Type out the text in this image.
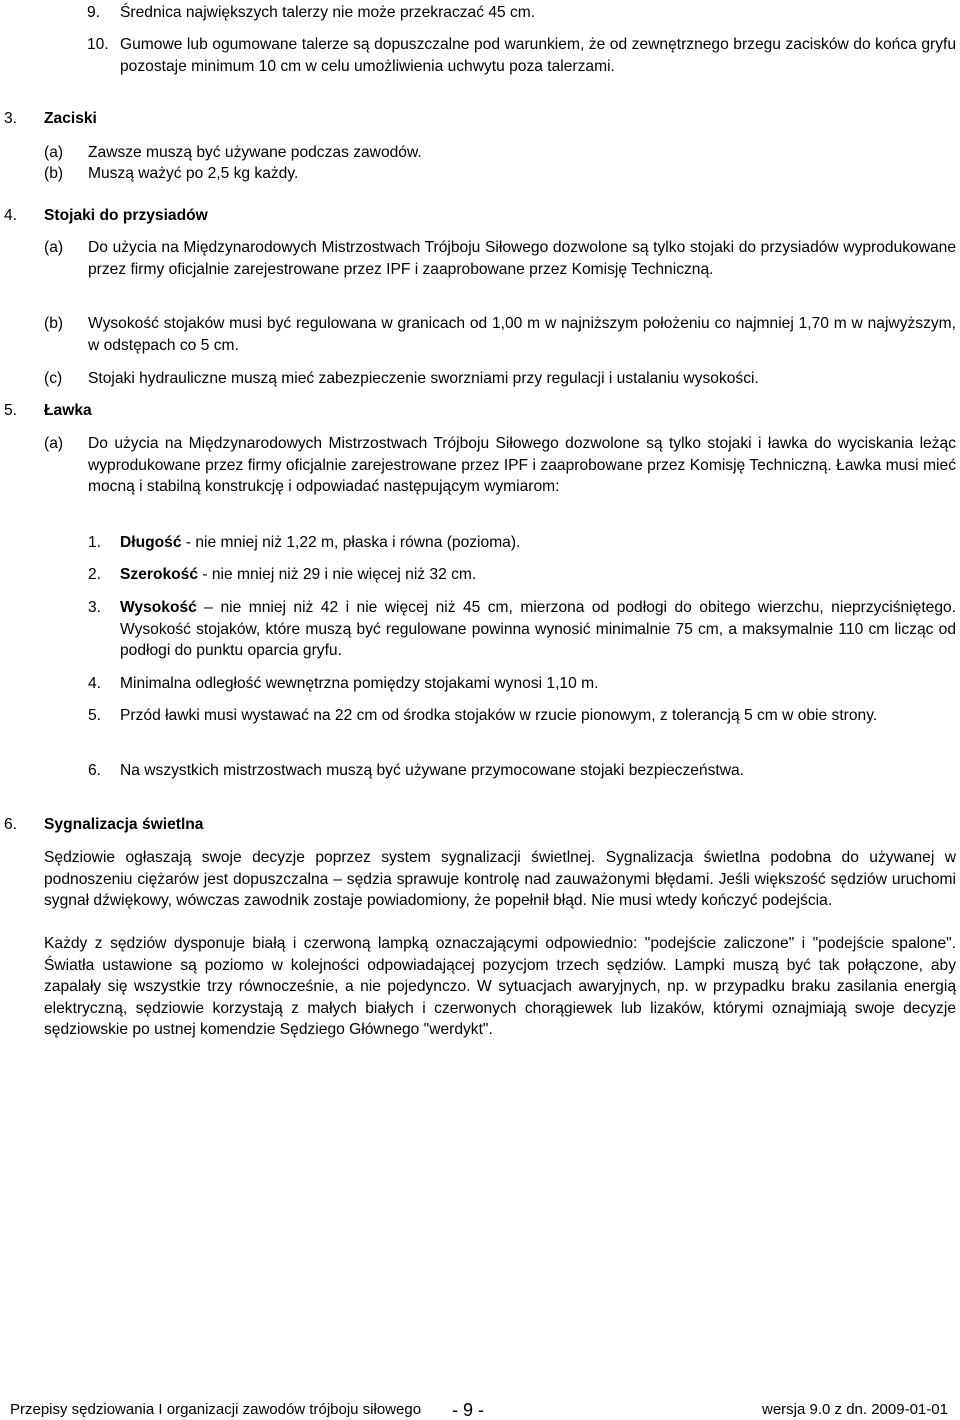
9. Średnica największych talerzy nie może przekraczać 45 cm.
10. Gumowe lub ogumowane talerze są dopuszczalne pod warunkiem, że od zewnętrznego brzegu zacisków do końca gryfu pozostaje minimum 10 cm w celu umożliwienia uchwytu poza talerzami.
3. Zaciski
(a) Zawsze muszą być używane podczas zawodów.
(b) Muszą ważyć po 2,5 kg każdy.
4. Stojaki do przysiadów
(a) Do użycia na Międzynarodowych Mistrzostwach Trójboju Siłowego dozwolone są tylko stojaki do przysiadów wyprodukowane przez firmy oficjalnie zarejestrowane przez IPF i zaaprobowane przez Komisję Techniczną.
(b) Wysokość stojaków musi być regulowana w granicach od 1,00 m w najniższym położeniu co najmniej 1,70 m w najwyższym, w odstępach co 5 cm.
(c) Stojaki hydrauliczne muszą mieć zabezpieczenie sworzniami przy regulacji i ustalaniu wysokości.
5. Ławka
(a) Do użycia na Międzynarodowych Mistrzostwach Trójboju Siłowego dozwolone są tylko stojaki i ławka do wyciskania leżąc wyprodukowane przez firmy oficjalnie zarejestrowane przez IPF i zaaprobowane przez Komisję Techniczną. Ławka musi mieć mocną i stabilną konstrukcję i odpowiadać następującym wymiarom:
1. Długość - nie mniej niż 1,22 m, płaska i równa (pozioma).
2. Szerokość - nie mniej niż 29 i nie więcej niż 32 cm.
3. Wysokość – nie mniej niż 42 i nie więcej niż 45 cm, mierzona od podłogi do obitego wierzchu, nieprzyciśniętego. Wysokość stojaków, które muszą być regulowane powinna wynosić minimalnie 75 cm, a maksymalnie 110 cm licząc od podłogi do punktu oparcia gryfu.
4. Minimalna odległość wewnętrzna pomiędzy stojakami wynosi 1,10 m.
5. Przód ławki musi wystawać na 22 cm od środka stojaków w rzucie pionowym, z tolerancją 5 cm w obie strony.
6. Na wszystkich mistrzostwach muszą być używane przymocowane stojaki bezpieczeństwa.
6. Sygnalizacja świetlna
Sędziowie ogłaszają swoje decyzje poprzez system sygnalizacji świetlnej. Sygnalizacja świetlna podobna do używanej w podnoszeniu ciężarów jest dopuszczalna – sędzia sprawuje kontrolę nad zauważonymi błędami. Jeśli większość sędziów uruchomi sygnał dźwiękowy, wówczas zawodnik zostaje powiadomiony, że popełnił błąd. Nie musi wtedy kończyć podejścia.
Każdy z sędziów dysponuje białą i czerwoną lampką oznaczającymi odpowiednio: "podejście zaliczone" i "podejście spalone". Światła ustawione są poziomo w kolejności odpowiadającej pozycjom trzech sędziów. Lampki muszą być tak połączone, aby zapalały się wszystkie trzy równocześnie, a nie pojedynczo. W sytuacjach awaryjnych, np. w przypadku braku zasilania energią elektryczną, sędziowie korzystają z małych białych i czerwonych chorągiewek lub lizaków, którymi oznajmiają swoje decyzje sędziowskie po ustnej komendzie Sędziego Głównego "werdykt".
Przepisy sędziowania I organizacji zawodów trójboju siłowego - 9 -	wersja 9.0 z dn. 2009-01-01
